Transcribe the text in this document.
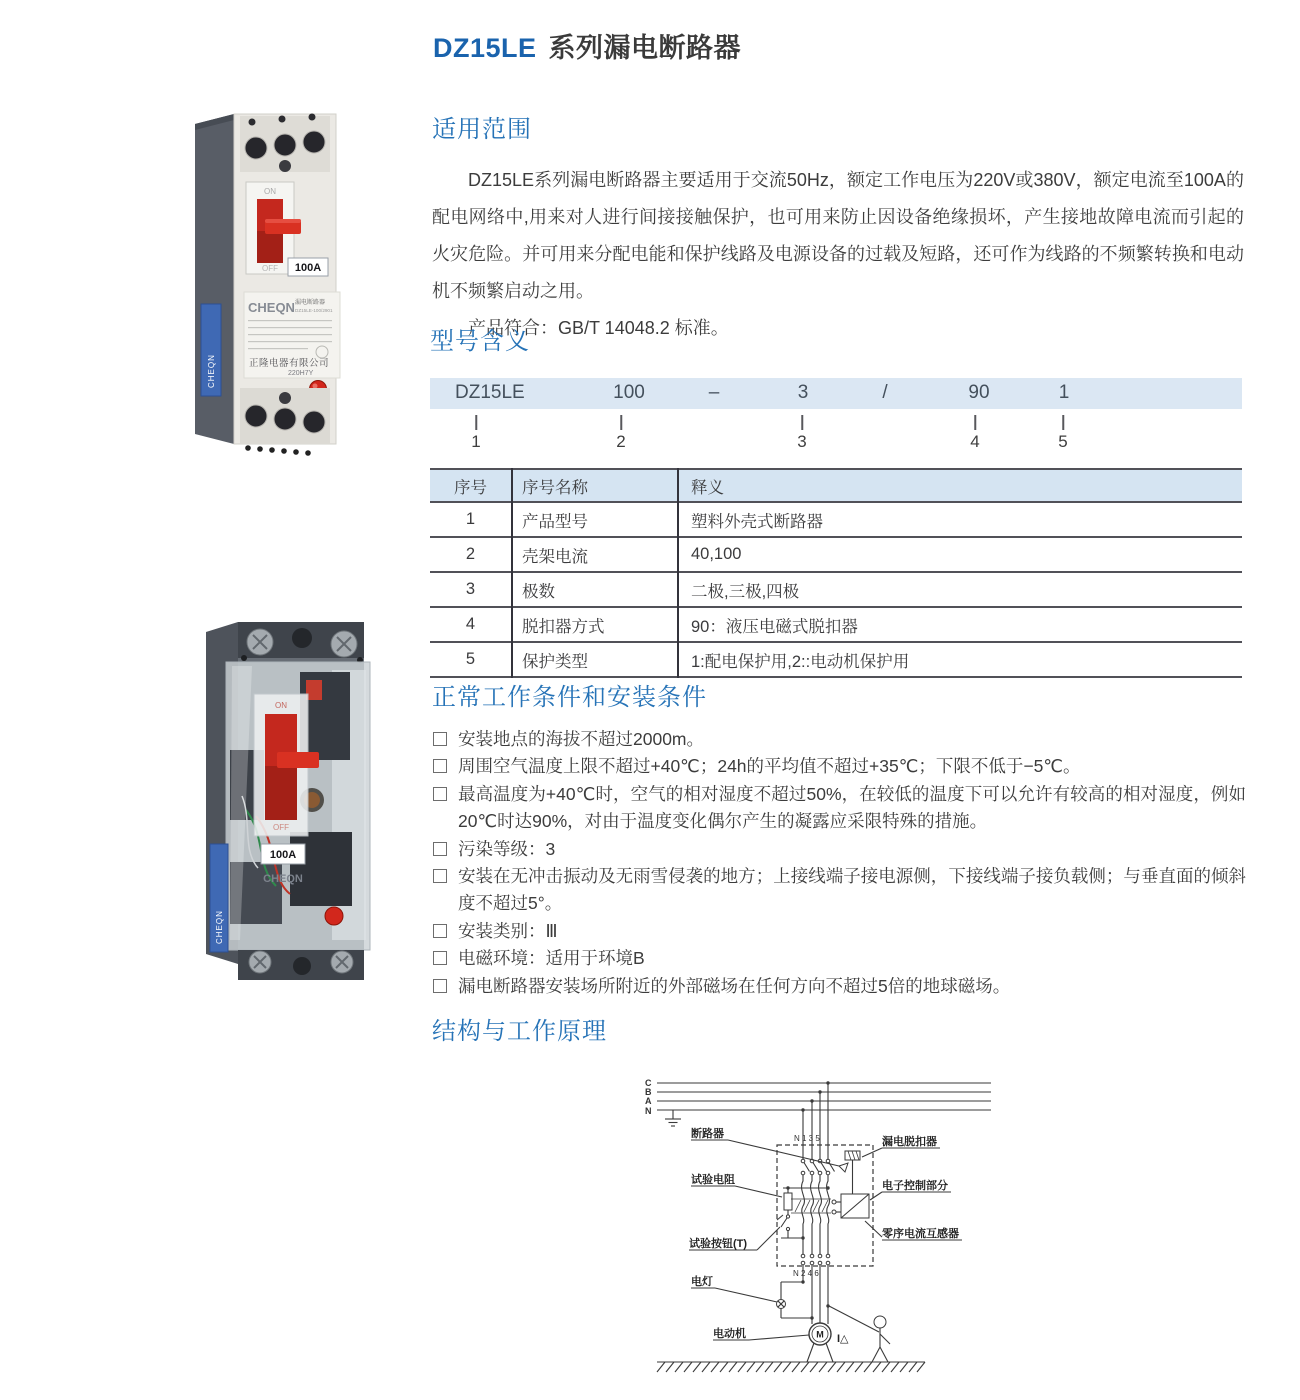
DZ15LE 系列漏电断路器
ON
OFF 100A
CHEQN 漏电断路器
DZ15LE-100/2901
正隆电器有限公司
220H7Y
CHEQN
ON
OFF
100A
CHEQN
CHEQN
适用范围

DZ15LE系列漏电断路器主要适用于交流50Hz，额定工作电压为220V或380V，额定电流至100A的配电网络中,用来对人进行间接接触保护，也可用来防止因设备绝缘损坏，产生接地故障电流而引起的火灾危险。并可用来分配电能和保护线路及电源设备的过载及短路，还可作为线路的不频繁转换和电动机不频繁启动之用。

产品符合：GB/T 14048.2 标准。

型号含义
DZ15LE	100	–	3	/	90	1
1	2	3	4	5
序号	序号名称	释义
1	产品型号	塑料外壳式断路器
2	壳架电流	40,100
3	极数	二极,三极,四极
4	脱扣器方式	90：液压电磁式脱扣器
5	保护类型	1:配电保护用,2::电动机保护用
正常工作条件和安装条件
安装地点的海拔不超过2000m。
周围空气温度上限不超过+40℃；24h的平均值不超过+35℃；下限不低于−5℃。
最高温度为+40℃时，空气的相对湿度不超过50%，在较低的温度下可以允许有较高的相对湿度，例如20℃时达90%，对由于温度变化偶尔产生的凝露应采限特殊的措施。
污染等级：3
安装在无冲击振动及无雨雪侵袭的地方；上接线端子接电源侧，下接线端子接负载侧；与垂直面的倾斜度不超过5°。
安装类别：Ⅲ
电磁环境：适用于环境B
漏电断路器安装场所附近的外部磁场在任何方向不超过5倍的地球磁场。
结构与工作原理
C
B
A
N
N 1 3 5
N 2 4 6
M I△
断路器
漏电脱扣器
试验电阻	电子控制部分
零序电流互感器
试验按钮(T)
电灯
电动机
